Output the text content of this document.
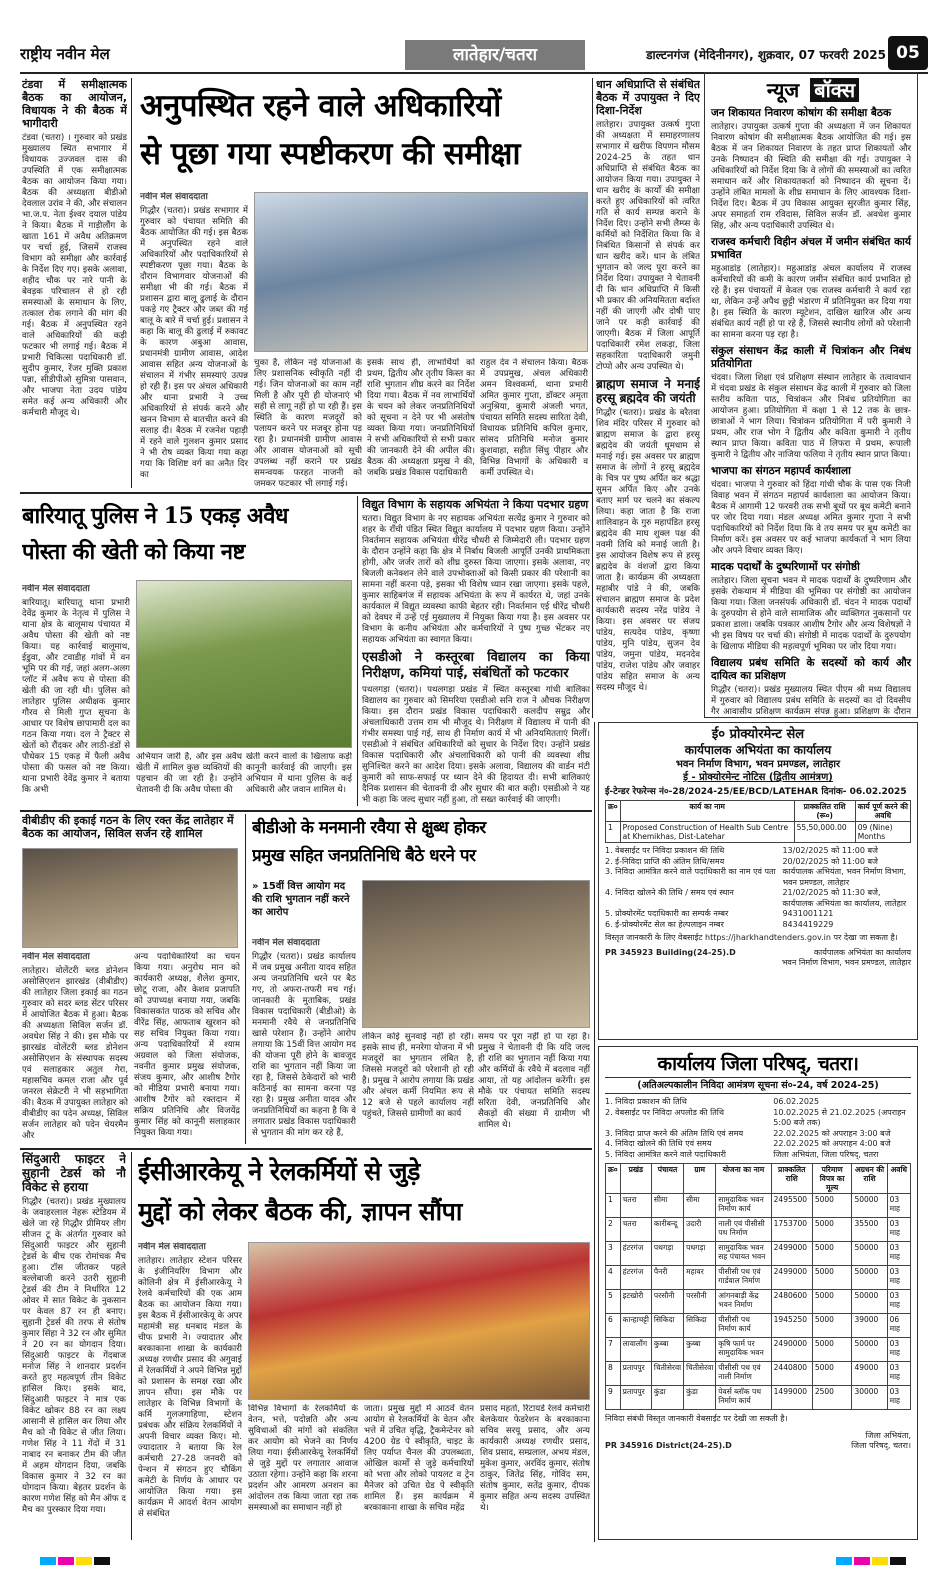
राष्ट्रीय नवीन मेल	लातेहार/चतरा	डाल्टनगंज (मेदिनीनगर), शुक्रवार, 07 फरवरी 2025 05
टंडवा में समीक्षात्मक बैठक का आयोजन, विधायक ने की बैठक में भागीदारी

टंडवा (चतरा) । गुरुवार को प्रखंड मुख्यालय स्थित सभागार में विधायक उज्जवल दास की उपस्थिति में एक समीक्षात्मक बैठक का आयोजन किया गया। बैठक की अध्यक्षता बीडीओ देवलाल उरांव ने की, और संचालन भा.ज.प. नेता ईश्वर दयाल पांडेय ने किया। बैठक में गाड़ीलौंग के खाता 161 में अवैध अतिक्रमण पर चर्चा हुई, जिसमें राजस्व विभाग को समीक्षा और कार्रवाई के निर्देश दिए गए। इसके अलावा, शहीद चौक पर नारे पानी के बेवड़क परिचालन से हो रही समस्याओं के समाधान के लिए, तत्काल रोक लगाने की मांग की गई। बैठक में अनुपस्थित रहने वाले अधिकारियों की कड़ी फटकार भी लगाई गई। बैठक में प्रभारी चिकित्सा पदाधिकारी डॉ. सुदीप कुमार, रेंजर मुक्ति प्रकाश पन्ना, सीडीपीओ सुमित्रा पासवान, और भाजपा नेता उदय पांडेय समेत कई अन्य अधिकारी और कर्मचारी मौजूद थे।

अनुपस्थित रहने वाले अधिकारियों
से पूछा गया स्पष्टीकरण की समीक्षा
नवीन मेल संवाददाता

गिद्धौर (चतरा)। प्रखंड सभागार में गुरुवार को पंचायत समिति की बैठक आयोजित की गई। इस बैठक में अनुपस्थित रहने वाले अधिकारियों और पदाधिकारियों से स्पष्टीकरण पूछा गया। बैठक के दौरान विभागवार योजनाओं की समीक्षा भी की गई। बैठक में प्रशासन द्वारा बालू ढुलाई के दौरान पकड़े गए ट्रैक्टर और जब्त की गई बालू के बारे में चर्चा हुई। प्रशासन ने कहा कि बालू की ढुलाई में रुकावट के कारण अबुआ आवास, प्रधानमंत्री ग्रामीण आवास, आदेश आवास सहित अन्य योजनाओं के संचालन में गंभीर समस्याएं उत्पन्न हो रही हैं। इस पर अंचल अधिकारी और थाना प्रभारी ने उच्च अधिकारियों से संपर्क करने और खनन विभाग से बातचीत करने की सलाह दी। बैठक में रजनेश पहाड़ी में रहने वाले गुलशन कुमार प्रसाद ने भी रोष व्यक्त किया गया कहा गया कि विशिष्ट वर्ग का अनैत दिर का

चुका है, लेकिन नई योजनाओं के लिए प्रशासनिक स्वीकृति नहीं दी गई। जिन योजनाओं का काम नहीं मिली है और पूरी ही योजनाएं भी सही से लागू नहीं हो पा रही हैं। इस स्थिति के कारण मजदूरों को पलायन करने पर मजबूर होना पड़ रहा है। प्रधानमंत्री ग्रामीण आवास और आवास योजनाओं को सूची उपलब्ध नहीं कराने पर प्रखंड समन्वयक फरहत नाजनी को जमकर फटकार भी लगाई गई।

इसके साथ ही, लाभार्थियों को प्रथम, द्वितीय और तृतीय किस्त का राशि भुगतान शीघ्र करने का निर्देश दिया गया। बैठक में नव लाभार्थियों के चयन को लेकर जनप्रतिनिधियों को सूचना न देने पर भी असंतोष व्यक्त किया गया। जनप्रतिनिधियों ने सभी अधिकारियों से सभी प्रकार की जानकारी देने की अपील की। बैठक की अध्यक्षता प्रमुख ने की, जबकि प्रखंड विकास पदाधिकारी

राहुल देव ने संचालन किया। बैठक में उपप्रमुख, अंचल अधिकारी अमन विश्वकर्मा, थाना प्रभारी अमित कुमार गुप्ता, डॉक्टर अमृता अनुश्रिया, कुमारी अंजली भगत, पंचायत समिति सदस्य सारिता देवी, विधायक प्रतिनिधि कपिल कुमार, सांसद प्रतिनिधि मनोज कुमार कुशवाहा, सहीत सिंधु पीहार और विभिन्न विभागों के अधिकारी व कर्मी उपस्थित थे।

धान अधिप्राप्ति से संबंधित बैठक में उपायुक्त ने दिए दिशा-निर्देश

लातेहार। उपायुक्त उत्कर्ष गुप्ता की अध्यक्षता में समाहरणालय सभागार में खरीफ विपणन मौसम 2024-25 के तहत धान अधिप्राप्ति से संबंधित बैठक का आयोजन किया गया। उपायुक्त ने धान खरीद के कार्यों की समीक्षा करते हुए अधिकारियों को त्वरित गति से कार्य सम्पन्न कराने के निर्देश दिए। उन्होंने सभी लैम्प्स के कर्मियों को निर्देशित किया कि वे निबंधित किसानों से संपर्क कर धान खरीद करें। धान के लंबित भुगतान को जल्द पूरा करने का निर्देश दिया। उपायुक्त ने चेतावनी दी कि धान अधिप्राप्ति में किसी भी प्रकार की अनियमितता बर्दाश्त नहीं की जाएगी और दोषी पाए जाने पर कड़ी कार्रवाई की जाएगी। बैठक में जिला आपूर्ति पदाधिकारी रमेश लकड़ा, जिला सहकारिता पदाधिकारी जमुनी टोप्पो और अन्य उपस्थित थे।

ब्राह्मण समाज ने मनाई हरसू ब्रह्मदेव की जयंती

गिद्धौर (चतरा)। प्रखंड के बरैतवा शिव मंदिर परिसर में गुरुवार को ब्राह्मण समाज के द्वारा हरसू ब्रह्मदेव की जयंती धूमधाम से मनाई गई। इस अवसर पर ब्राह्मण समाज के लोगों ने हरसू ब्रह्मदेव के चित्र पर पुष्प अर्पित कर श्रद्धा सुमन अर्पित किए और उनके बताए मार्ग पर चलने का संकल्प लिया। कहा जाता है कि राजा शालिवाहन के गुरु महापंडित हरसू ब्रह्मदेव की माघ शुक्ल पक्ष की नवमी तिथि को मनाई जाती है। इस आयोजन विशेष रूप से हरसू ब्रह्मदेव के वंशजों द्वारा किया जाता है। कार्यक्रम की अध्यक्षता महाबीर पांडे ने की, जबकि संचालन ब्राह्मण समाज के प्रदेश कार्यकारी सदस्य नरेंद्र पांडेय ने किया। इस अवसर पर संजय पांडेय, सत्यदेव पांडेय, कृष्णा पांडेय, मुनि पांडेय, सुजन देव पांडेय, जमुना पांडेय, मदनदेव पांडेय, राजेश पांडेय और जवाहर पांडेय सहित समाज के अन्य सदस्य मौजूद थे।

न्यूज बॉक्स
जन शिकायत निवारण कोषांग की समीक्षा बैठक

लातेहार। उपायुक्त उत्कर्ष गुप्ता की अध्यक्षता में जन शिकायत निवारण कोषांग की समीक्षात्मक बैठक आयोजित की गई। इस बैठक में जन शिकायत निवारण के तहत प्राप्त शिकायतों और उनके निष्पादन की स्थिति की समीक्षा की गई। उपायुक्त ने अधिकारियों को निर्देश दिया कि वे लोगों की समस्याओं का त्वरित समाधान करें और शिकायतकर्ता को निष्पादन की सूचना दें। उन्होंने लंबित मामलों के शीघ्र समाधान के लिए आवश्यक दिशा-निर्देश दिए। बैठक में उप विकास आयुक्त सुरजीत कुमार सिंह, अपर समाहर्ता राम रविदास, सिविल सर्जन डॉ. अवधेश कुमार सिंह, और अन्य पदाधिकारी उपस्थित थे।

राजस्व कर्मचारी विहीन अंचल में जमीन संबंधित कार्य प्रभावित

महुआडांड़ (लातेहार)। महुआडांड़ अंचल कार्यालय में राजस्व कर्मचारियों की कमी के कारण जमीन संबंधित कार्य प्रभावित हो रहे हैं। इस पंचायतों में केवल एक राजस्व कर्मचारी ने कार्य रहा था, लेकिन उन्हें अपैथ छुट्टी भंडारण में प्रतिनियुक्त कर दिया गया है। इस स्थिति के कारण म्यूटेशन, दाखिल खारिज और अन्य संबंधित कार्य नहीं हो पा रहे हैं, जिससे स्थानीय लोगों को परेशानी का सामना करना पड़ रहा है।

संकुल संसाधन केंद्र काली में चित्रांकन और निबंध प्रतियोगिता

चंदवा। जिला शिक्षा एवं प्रशिक्षण संस्थान लातेहार के तत्वावधान में चंदवा प्रखंड के संकुल संसाधन केंद्र काली में गुरुवार को जिला स्तरीय कविता पाठ, चित्रांकन और निबंध प्रतियोगिता का आयोजन हुआ। प्रतियोगिता में कक्षा 1 से 12 तक के छात्र-छात्राओं ने भाग लिया। चित्रांकन प्रतियोगिता में परी कुमारी ने प्रथम, और राज भोग ने द्वितीय और कविता कुमारी ने तृतीय स्थान प्राप्त किया। कविता पाठ में लिफरा में प्रथम, रूपाली कुमारी ने द्वितीय और नाजिया फलिया ने तृतीय स्थान प्राप्त किया।

भाजपा का संगठन महापर्व कार्यशाला

चंदवा। भाजपा ने गुरुवार को हिंदा गांधी चौक के पास एक निजी विवाह भवन में संगठन महापर्व कार्यशाला का आयोजन किया। बैठक में आगामी 12 फरवरी तक सभी बूथों पर बूथ कमेटी बनाने पर जोर दिया गया। मंडल अध्यक्ष अमित कुमार गुप्ता ने सभी पदाधिकारियों को निर्देश दिया कि वे तय समय पर बूथ कमेटी का निर्माण करें। इस अवसर पर कई भाजपा कार्यकर्ता ने भाग लिया और अपने विचार व्यक्त किए।

मादक पदार्थों के दुष्परिणामों पर संगोष्ठी

लातेहार। जिला सूचना भवन में मादक पदार्थों के दुष्परिणाम और इसके रोकथाम में मीडिया की भूमिका पर संगोष्ठी का आयोजन किया गया। जिला जनसंपर्क अधिकारी डॉ. चंदन ने मादक पदार्थों के दुरुपयोग से होने वाले सामाजिक और व्यक्तिगत नुकसानों पर प्रकाश डाला। जबकि पत्रकार आशीष टैगोर और अन्य विशेषज्ञों ने भी इस विषय पर चर्चा की। संगोष्ठी में मादक पदार्थों के दुरुपयोग के खिलाफ मीडिया की महत्वपूर्ण भूमिका पर जोर दिया गया।

विद्यालय प्रबंध समिति के सदस्यों को कार्य और दायित्व का प्रशिक्षण

गिद्धौर (चतरा)। प्रखंड मुख्यालय स्थित पीएम श्री मध्य विद्यालय में गुरुवार को विद्यालय प्रबंध समिति के सदस्यों का दो दिवसीय गैर आवासीय प्रशिक्षण कार्यक्रम संपन्न हुआ। प्रशिक्षण के दौरान

बारियातू पुलिस ने 15 एकड़ अवैध
पोस्ता की खेती को किया नष्ट
नवीन मेल संवाददाता

बारियातू। बारियातू थाना प्रभारी देवेंद्र कुमार के नेतृत्व में पुलिस ने थाना क्षेत्र के बालूमाथ पंचायत में अवैध पोस्ता की खेती को नष्ट किया। यह कार्रवाई बालूमाथ, ईडुवा, और टवाडीह गांवों में वन भूमि पर की गई, जहां अलग-अलग प्लॉट में अवैध रूप से पोस्ता की खेती की जा रही थी। पुलिस को लातेहार पुलिस अधीक्षक कुमार गौरव से मिली गुप्त सूचना के आधार पर विशेष छापामारी दल का गठन किया गया। दल ने ट्रैक्टर से खेतों को रौंदकर और लाठी-डंडों से पौधेकर 15 एकड़ में फैली अवैध पोस्ता की फसल को नष्ट किया। थाना प्रभारी देवेंद्र कुमार ने बताया कि अभी

अभियान जारी है, और इस अवैध खेती में शामिल कुछ व्यक्तियों की पहचान की जा रही है। उन्होंने चेतावनी दी कि अवैध पोस्ता की

खेती करने वालों के खिलाफ कड़ी कानूनी कार्रवाई की जाएगी। इस अभियान में थाना पुलिस के कई अधिकारी और जवान शामिल थे।

विद्युत विभाग के सहायक अभियंता ने किया पदभार ग्रहण

चतरा। विद्युत विभाग के नए सहायक अभियंता सत्येंद्र कुमार ने गुरुवार को शहर के राँची पंडित स्थित विद्युत कार्यालय में पदभार ग्रहण किया। उन्होंने निवर्तमान सहायक अभियंता धीरेंद्र चौधरी से जिम्मेदारी ली। पदभार ग्रहण के दौरान उन्होंने कहा कि क्षेत्र में निर्बाध बिजली आपूर्ति उनकी प्राथमिकता होगी, और जर्जर तारों को शीघ्र दुरुस्त किया जाएगा। इसके अलावा, नए बिजली कनेक्शन लेने वाले उपभोक्ताओं को किसी प्रकार की परेशानी का सामना नहीं करना पड़े, इसका भी विशेष ध्यान रखा जाएगा। इसके पहले, कुमार साहिबगंज में सहायक अभियंता के रूप में कार्यरत थे, जहां उनके कार्यकाल में विद्युत व्यवस्था काफी बेहतर रही। निवर्तमान एई धीरेंद्र चौधरी को देवघर में उन्हें एई मुख्यालय में नियुक्त किया गया है। इस अवसर पर विभाग के कनीय अभियंता और कर्मचारियों ने पुष्प गुच्छ भेंटकर नए सहायक अभियंता का स्वागत किया।

एसडीओ ने कस्तूरबा विद्यालय का किया निरीक्षण, कमियां पाई, संबंधितों को फटकार

पथलगड़ा (चतरा)। पथलगड़ा प्रखंड में स्थित कस्तूरबा गांधी बालिका विद्यालय का गुरुवार को सिमरिया एसडीओ सनि राज ने औचक निरीक्षण किया। इस दौरान प्रखंड विकास पदाधिकारी कलदीप सम्रुद्र और अंचलाधिकारी उत्तम राम भी मौजूद थे। निरीक्षण में विद्यालय में पानी की गंभीर समस्या पाई गई, साथ ही निर्माण कार्य में भी अनियमितताएं मिलीं। एसडीओ ने संबंधित अधिकारियों को सुधार के निर्देश दिए। उन्होंने प्रखंड विकास पदाधिकारी और अंचलाधिकारी को पानी की व्यवस्था शीघ्र सुनिश्चित करने का आदेश दिया। इसके अलावा, विद्यालय की वार्डन मंटी कुमारी को साफ-सफाई पर ध्यान देने की हिदायत दी। सभी बालिकाएं दैनिक प्रशासन की चेतावनी दी और सुधार की बात कही। एसडीओ ने यह भी कहा कि जल्द सुधार नहीं हुआ, तो सख्त कार्रवाई की जाएगी।

वीबीडीए की इकाई गठन के लिए रक्त केंद्र लातेहार में बैठक का आयोजन, सिविल सर्जन रहे शामिल
नवीन मेल संवाददाता

लातेहार। वोलेंटरी ब्लड डोनेशन असोसिएशन झारखंड (वीबीडीए) की लातेहार जिला इकाई का गठन गुरुवार को सदर ब्लड सेंटर परिसर में आयोजित बैठक में हुआ। बैठक की अध्यक्षता सिविल सर्जन डॉ. अवधेश सिंह ने की। इस मौके पर झारखंड वोलेंटरी ब्लड डोनेशन असोसिएशन के संस्थापक सदस्य एवं सलाहकार अतुल गेरा, महासचिव कमल राजा और पूर्व जनरल सेक्रेटरी ने भी सहभागिता की। बैठक में उपायुक्त लातेहार को वीबीडीए का पदेन अध्यक्ष, सिविल सर्जन लातेहार को पदेन चेयरमैन और

अन्य पदाधिकारियों का चयन किया गया। अनुरोध मान को कार्यकारी अध्यक्ष, शैलेश कुमार, छोटू राजा, और केशव प्रजापति को उपाध्यक्ष बनाया गया, जबकि विकासकांत पाठक को सचिव और वीरेंद्र सिंह, आफताब खुरशन को सह सचिव नियुक्त किया गया। अन्य पदाधिकारियों में श्याम अग्रवाल को जिला संयोजक, नवनीत कुमार प्रमुख संयोजक, संजय कुमार, और आशीष टैगोर को मीडिया प्रभारी बनाया गया। आशीष टैगोर को रक्तदान में सक्रिय प्रतिनिधि और विजयेंद्र कुमार सिंह को कानूनी सलाहकार नियुक्त किया गया।

बीडीओ के मनमानी रवैया से क्षुब्ध होकर
प्रमुख सहित जनप्रतिनिधि बैठे धरने पर
» 15वीं वित्त आयोग मद की राशि भुगतान नहीं करने का आरोप
नवीन मेल संवाददाता

गिद्धौर (चतरा)। प्रखंड कार्यालय में जब प्रमुख अनीता यादव सहित अन्य जनप्रतिनिधि धरने पर बैठ गए, तो अफरा-तफरी मच गई। जानकारी के मुताबिक, प्रखंड विकास पदाधिकारी (बीडीओ) के मनमानी रवैये से जनप्रतिनिधि खासे परेशान हैं। उन्होंने आरोप लगाया कि 15वीं वित्त आयोग मद की योजना पूरी होने के बावजूद राशि का भुगतान नहीं किया जा रहा है, जिससे ठेकेदारों को भारी कठिनाई का सामना करना पड़ रहा है। प्रमुख अनीता यादव और जनप्रतिनिधियों का कहना है कि वे लगातार प्रखंड विकास पदाधिकारी से भुगतान की मांग कर रहे हैं,

लेकिन कोई सुनवाई नहीं हो रही। इसके साथ ही, मनरेगा योजना में भी मजदूरों का भुगतान लंबित है, जिससे मजदूरों को परेशानी हो रही है। प्रमुख ने आरोप लगाया कि प्रखंड और अंचल कर्मी नियमित रूप से 12 बजे से पहले कार्यालय नहीं पहुंचते, जिससे ग्रामीणों का कार्य

समय पर पूरा नहीं हो पा रहा है। प्रमुख ने चेतावनी दी कि यदि जल्द ही राशि का भुगतान नहीं किया गया और कर्मियों के रवैये में बदलाव नहीं आया, तो यह आंदोलन करेंगी। इस मौके पर पंचायत समिति सदस्य सरिता देवी, जनप्रतिनिधि और सैकड़ों की संख्या में ग्रामीण भी शामिल थे।

सिंदुआरी फाइटर ने सुहानी टेडर्स को नौ विकेट से हराया

गिद्धौर (चतरा)। प्रखंड मुख्यालय के जवाहरलाल नेहरू स्टेडियम में खेले जा रहे गिद्धौर प्रीमियर लीग सीजन टू के अंतर्गत गुरुवार को सिंदुआरी फाइटर और सुहानी ट्रेडर्स के बीच एक रोमांचक मैच हुआ। टॉस जीतकर पहले बल्लेबाजी करने उतरी सुहानी ट्रेडर्स की टीम ने निर्धारित 12 ओवर में सात विकेट के नुकसान पर केवल 87 रन ही बनाए। सुहानी ट्रेडर्स की तरफ से संतोष कुमार सिंहा ने 32 रन और सुमित ने 20 रन का योगदान दिया। सिंदुआरी फाइटर के गेंदबाज मनोज सिंह ने शानदार प्रदर्शन करते हुए महत्वपूर्ण तीन विकेट हासिल किए। इसके बाद, सिंदुआरी फाइटर ने मात्र एक विकेट खोकर 88 रन का लक्ष्य आसानी से हासिल कर लिया और मैच को नौ विकेट से जीत लिया। गणेश सिंह ने 11 गेंदों में 31 नाबाद रन बनाकर टीम की जीत में अहम योगदान दिया, जबकि विकास कुमार ने 32 रन का योगदान किया। बेहतर प्रदर्शन के कारण गणेश सिंह को मैन ऑफ द मैच का पुरस्कार दिया गया।

ईसीआरकेयू ने रेलकर्मियों से जुड़े
मुद्दों को लेकर बैठक की, ज्ञापन सौंपा
नवीन मेल संवाददाता

लातेहार। लातेहार स्टेशन परिसर के इंजीनियरिंग विभाग और कोलिनी क्षेत्र में ईसीआरकेयू ने रेलवे कर्मचारियों की एक आम बैठक का आयोजन किया गया। इस बैठक में ईसीआरकेयू के अपर महामंत्री सह धनबाद मंडल के चीफ प्रभारी ने। ज्यादातर और बरकाकाना शाखा के कार्यकारी अध्यक्ष रणधीर प्रसाद की अगुवाई में रेलकर्मियों ने अपने विभिन्न मुद्दों को प्रशासन के समक्ष रखा और ज्ञापन सौंपा। इस मौके पर लातेहार के विभिन्न विभागों के कर्मि गुलजगाहिणा, स्टेशन प्रबंधक और संक्रिय रेलकर्मियों ने अपनी विचार व्यक्त किए। मो. ज्यादातार ने बताया कि रेल कर्मचारी 27-28 जनवरी को पेन्शन में संगठन हुए चौकिंग कमेटी के निर्णय के आधार पर आयोजित किया गया। इस कार्यक्रम में आदर्श वेतन आयोग से संबंधित

विभिन्न विभागों के रेलकर्मियों के वेतन, भत्ते, पदोन्नति और अन्य सुविधाओं की मांगों को संकलित कर आयोग को भेजने का निर्णय लिया गया। ईसीआरकेयू रेलकर्मियों से जुड़े मुद्दों पर लगातार आवाज उठाता रहेगा। उन्होंने कहा कि शरना प्रदर्शन और आमरण अनशन का आंदोलन तक किया जाता रहा तक समस्याओं का समाधान नहीं हो

जाता। प्रमुख मुद्दों में आठवें वेतन आयोग से रेलकर्मियों के वेतन और भत्ते में उचित वृद्धि, ट्रैकमेन्टेनर को 4200 ग्रेड पे स्वीकृति, चाइट के लिए पर्याप्त चैनल की उपलब्धता, ओखिल कार्मों से जुड़े कर्मचारियों को भत्ता और लोको पायलट व ट्रेन मैनेजर को उचित ग्रेड पे स्वीकृति शामिल हैं। इस कार्यक्रम में बरकाकाना शाखा के सचिव महेंद्र

प्रसाद महतो, रिटायर्ड रेलवे कर्मचारी बेलकेयार फेडरेशन के बरकाकाना सचिव सरयू प्रसाद, और अन्य कार्यकारी अध्यक्ष रणधीर प्रसाद, शिव प्रसाद, सम्प्रलाल, अभय मंडल, मुकेश कुमार, अरविंद कुमार, संतोष ठाकुर, जितेंद्र सिंह, गोविंद सम, संतोष कुमार, सतेंद्र कुमार, दीपक कुमार सहित अन्य सदस्य उपस्थित थे।

ई० प्रोक्योरमेन्ट सेल
कार्यपालक अभियंता का कार्यालय
भवन निर्माण विभाग, भवन प्रमण्डल, लातेहार
ई - प्रोक्योरमेन्ट नोटिस (द्वितीय आमंत्रण)
ई-टेन्डर रेफरेन्स नं०-28/2024-25/EE/BCD/LATEHAR दिनांक- 06.02.2025
क्र०	कार्य का नाम	प्राक्कलित राशि (रू०)	कार्य पूर्ण करने की अवधि
1	Proposed Construction of Health Sub Centre at Khemikhas, Dist-Latehar	55,50,000.00	09 (Nine) Months
1. वेबसाईट पर निविदा प्रकाशन की तिथि	13/02/2025 को 11:00 बजे
2. ई-निविदा प्राप्ति की अंतिम तिथि/समय	20/02/2025 को 11:00 बजे
3. निविदा आमंत्रित करने वाले पदाधिकारी का नाम एवं पता कार्यपालक अभियंता, भवन निर्माण विभाग, भवन प्रमण्डल, लातेहार
4. निविदा खोलने की तिथि / समय एवं स्थान	21/02/2025 को 11:30 बजे, कार्यपालक अभियंता का कार्यालय, लातेहार
5. प्रोक्योरमेंट पदाधिकारी का सम्पर्क नम्बर	9431001121
6. ई-प्रोक्योरमेंट सेल का हेल्पलाइन नम्बर	8434419229
विस्तृत जानकारी के लिए वेबसाईट https://jharkhandtenders.gov.in पर देखा जा सकता है।
PR 345923 Building(24-25).D	कार्यपालक अभियंता का कार्यालय
भवन निर्माण विभाग, भवन प्रमण्डल, लातेहार
कार्यालय जिला परिषद्, चतरा।
(अतिअल्पकालीन निविदा आमंत्रण सूचना सं०-24, वर्ष 2024-25)
1. निविदा प्रकाशन की तिथि	06.02.2025
2. वेबसाईट पर निविदा अपलोड की तिथि	10.02.2025 से 21.02.2025 (अपराहन 5:00 बजे तक)
3. निविदा प्राप्त करने की अंतिम तिथि एवं समय	22.02.2025 को अपराहन 3:00 बजे
4. निविदा खोलने की तिथि एवं समय	22.02.2025 को अपराहन 4:00 बजे
5. निविदा आमंत्रित करने वाले पदाधिकारी	जिला अभियंता, जिला परिषद्, चतरा
क्र०	प्रखंड	पंचायत	ग्राम	योजना का नाम	प्राक्कलित राशि	परिमाण विपत्र का मूल्य	अग्रधन की राशि	अवधि
1	चतरा	सीमा	सीमा	सामुदायिक भवन निर्माण कार्य	2495500	5000	50000	03 माह
2	चतरा	कारीबन्दू	उदारी	नाली एवं पीसीसी पथ निर्माण	1753700	5000	35500	03 माह
3	हंटरगंज	पथगड़ा	पथगड़ा	सामुदायिक भवन सह पंचायत भवन	2499000	5000	50000	03 माह
4	हंटरगंज	पैनरी	महावर	पीसीसी पथ एवं गार्डवाल निर्माण	2499000	5000	50000	03 माह
5	इटखोरी	परसौनी	परसौनी	आंगनबाड़ी केंद्र भवन निर्माण	2480600	5000	50000	03 माह
6	कान्हाचट्टी	सिकिदा	सिकिदा	पीसीसी पथ निर्माण कार्य	1945250	5000	39000	06 माह
7	लावालौंग	कुब्बा	कुब्बा	कृषि फार्म पर सामुदायिक भवन	2490000	5000	50000	03 माह
8	प्रतापपुर	चितीसेरवा	चितीसेरवा	पीसीसी पथ एवं नाली निर्माण	2440800	5000	49000	03 माह
9	प्रतापपुर	कुंडा	कुंडा	पेवर्स ब्लॉक पथ निर्माण कार्य	1499000	2500	30000	03 माह
निविदा संबंधी विस्तृत जानकारी वेबसाईट पर देखी जा सकती है।
PR 345916 District(24-25).D
जिला अभियंता,
जिला परिषद्, चतरा।
